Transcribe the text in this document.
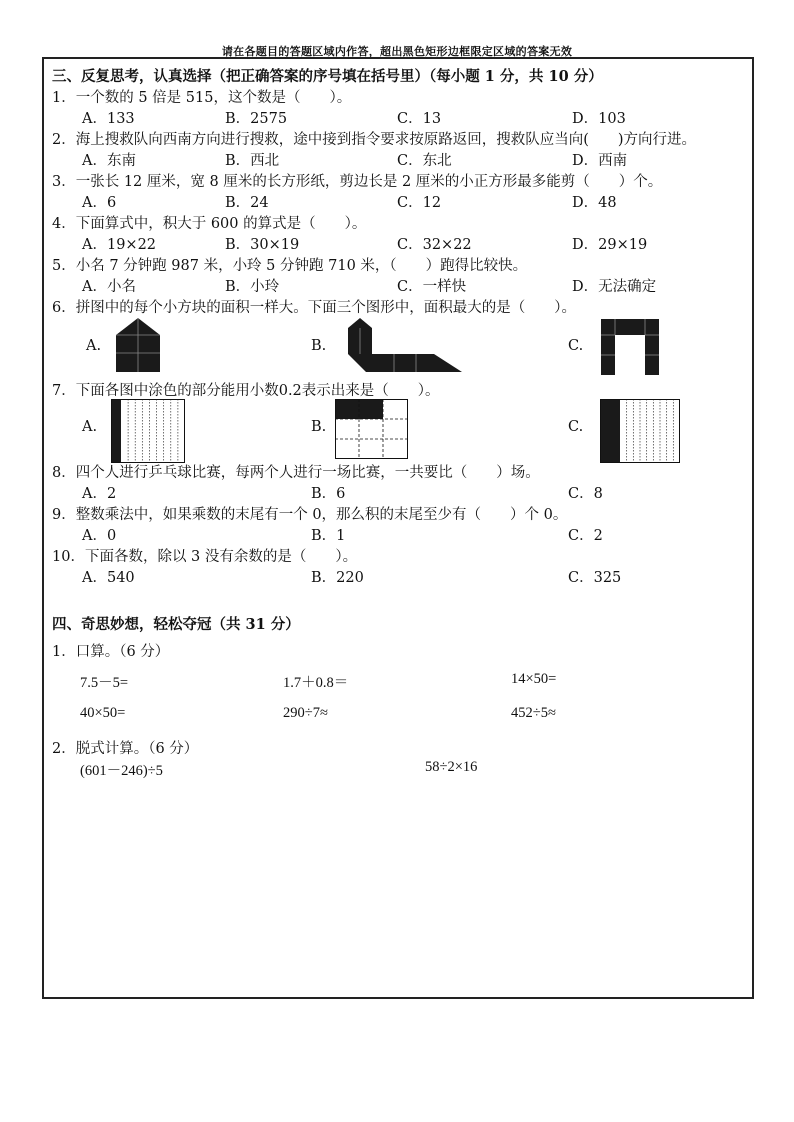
请在各题目的答题区域内作答，超出黑色矩形边框限定区域的答案无效
三、反复思考，认真选择（把正确答案的序号填在括号里）（每小题 1 分，共 10 分）
1．一个数的 5 倍是 515，这个数是（　　）。
A．133	B．2575	C．13	D．103
2．海上搜救队向西南方向进行搜救，途中接到指令要求按原路返回，搜救队应当向(　　)方向行进。
A．东南	B．西北	C．东北	D．西南
3．一张长 12 厘米，宽 8 厘米的长方形纸，剪边长是 2 厘米的小正方形最多能剪（　　）个。
A．6	B．24	C．12	D．48
4．下面算式中，积大于 600 的算式是（　　）。
A．19×22	B．30×19	C．32×22	D．29×19
5．小名 7 分钟跑 987 米，小玲 5 分钟跑 710 米，（　　）跑得比较快。
A．小名	B．小玲	C．一样快	D．无法确定
6．拼图中的每个小方块的面积一样大。下面三个图形中，面积最大的是（　　）。
A.	B.	C.
7．下面各图中涂色的部分能用小数0.2表示出来是（　　）。
A.	B.	C.
8．四个人进行乒乓球比赛，每两个人进行一场比赛，一共要比（　　）场。
A．2	B．6	C．8
9．整数乘法中，如果乘数的末尾有一个 0，那么积的末尾至少有（　　）个 0。
A．0	B．1	C．2
10．下面各数，除以 3 没有余数的是（　　）。
A．540	B．220	C．325
四、奇思妙想，轻松夺冠（共 31 分）
1．口算。（6 分）
7.5－5=	1.7＋0.8＝	14×50=
40×50=	290÷7≈	452÷5≈
2．脱式计算。（6 分）
(601－246)÷5	58÷2×16
